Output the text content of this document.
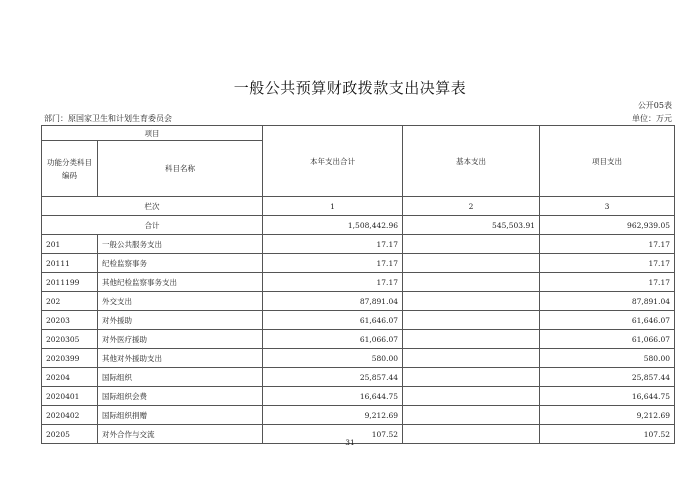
一般公共预算财政拨款支出决算表
公开05表
部门：原国家卫生和计划生育委员会	单位：万元
项目		本年支出合计	基本支出	项目支出
功能分类科目编码	科目名称			
栏次		1	2	3
合计		1,508,442.96	545,503.91	962,939.05
201	一般公共服务支出	17.17		17.17
20111	纪检监察事务	17.17		17.17
2011199	其他纪检监察事务支出	17.17		17.17
202	外交支出	87,891.04		87,891.04
20203	对外援助	61,646.07		61,646.07
2020305	对外医疗援助	61,066.07		61,066.07
2020399	其他对外援助支出	580.00		580.00
20204	国际组织	25,857.44		25,857.44
2020401	国际组织会费	16,644.75		16,644.75
2020402	国际组织捐赠	9,212.69		9,212.69
20205	对外合作与交流	107.52		107.52
31
